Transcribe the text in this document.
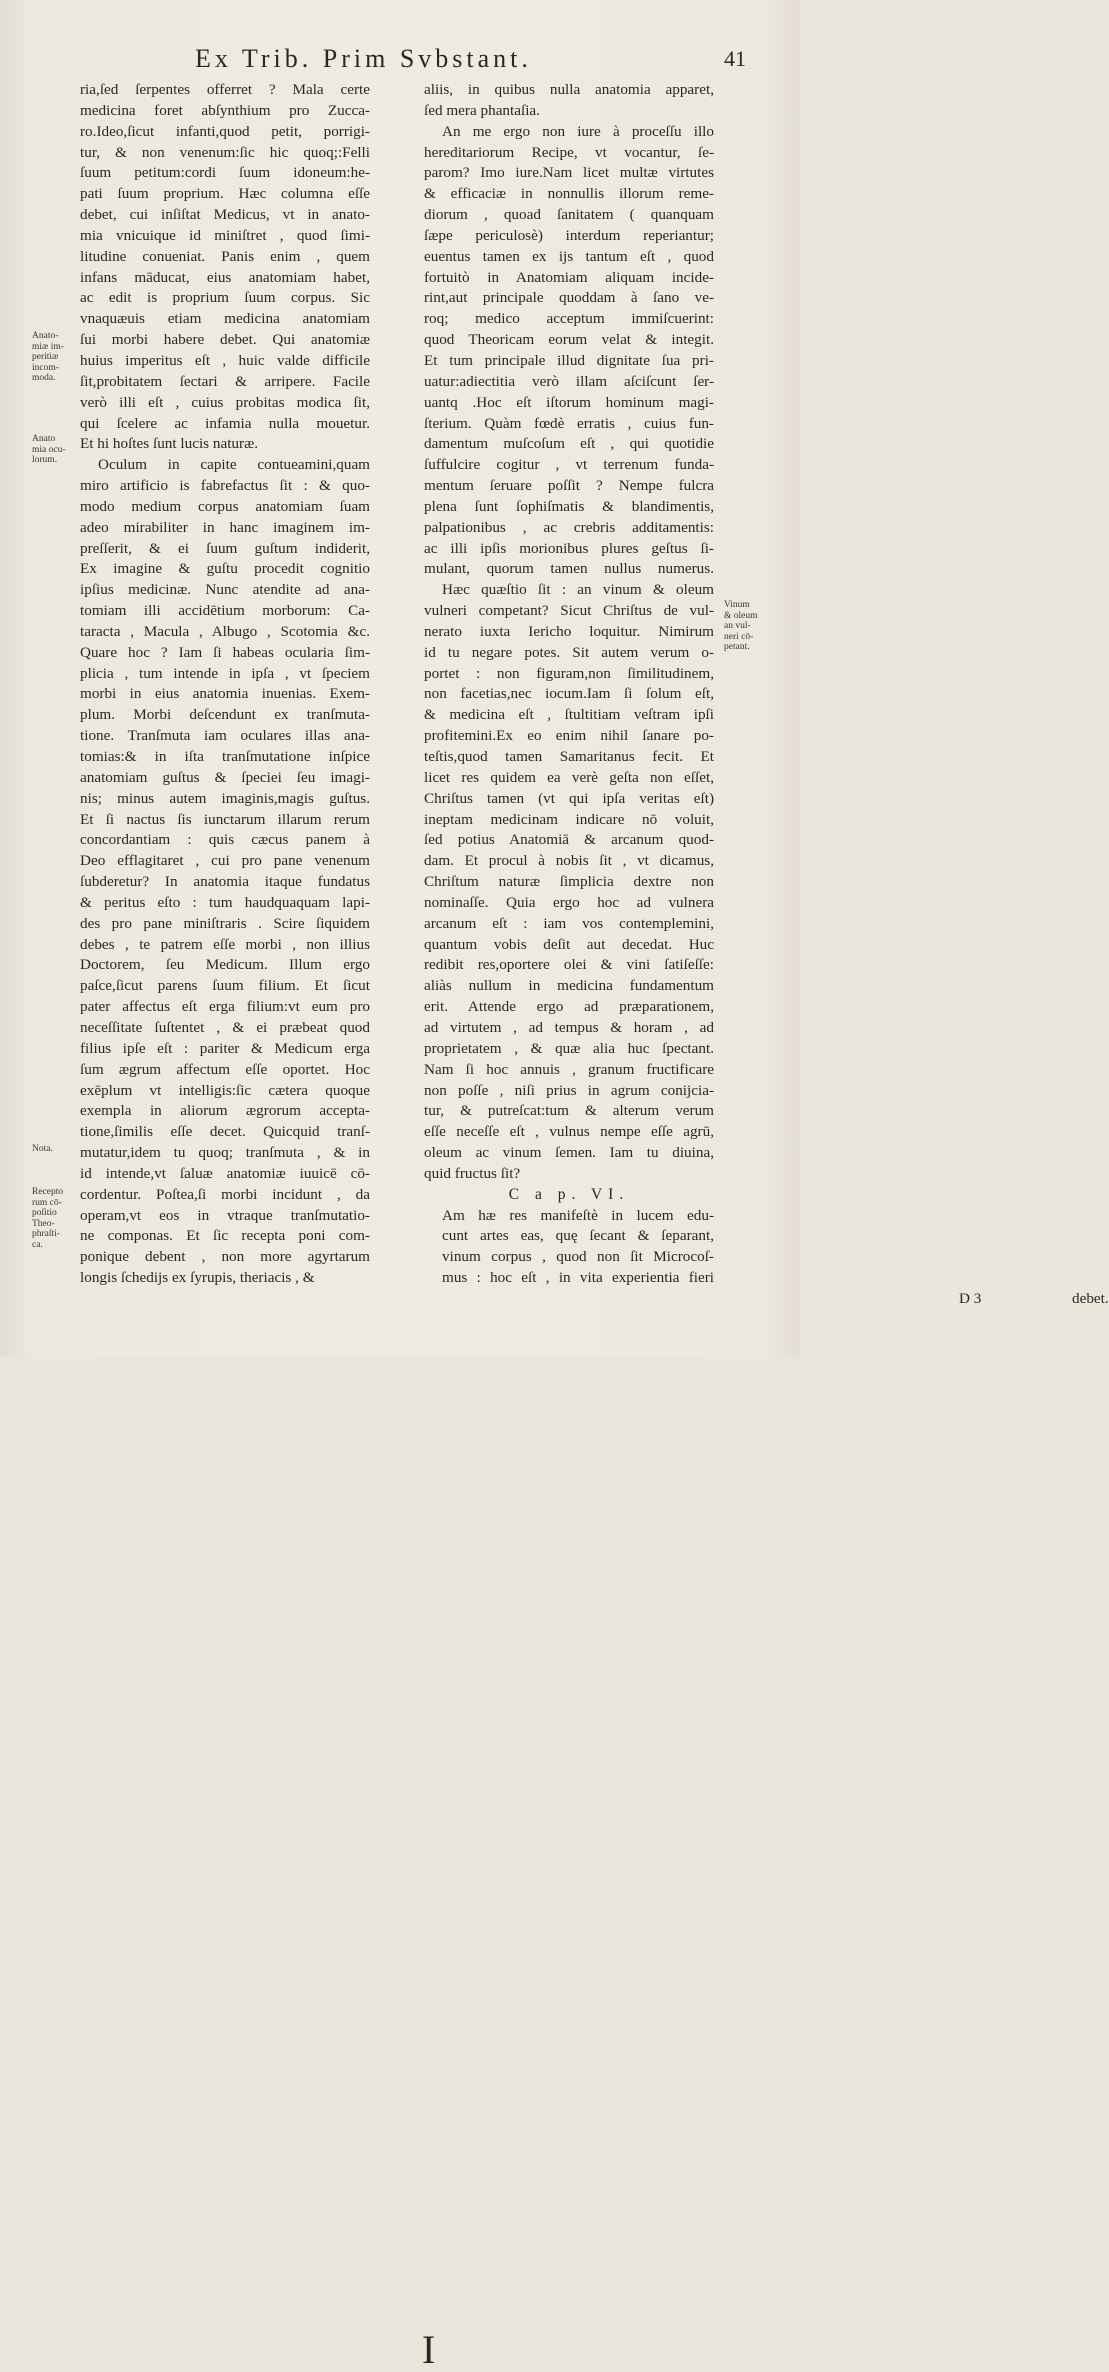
Ex Trib. Prim Svbstant.	41
ria,ſed ſerpentes offerret ? Mala certe
medicina foret abſynthium pro Zucca-
ro.Ideo,ſicut infanti,quod petit, porrigi-
tur, & non venenum:ſic hic quoq;:Felli
ſuum petitum:cordi ſuum idoneum:he-
pati ſuum proprium. Hæc columna eſſe
debet, cui inſiſtat Medicus, vt in anato-
mia vnicuique id miniſtret , quod ſimi-
litudine conueniat. Panis enim , quem
infans māducat, eius anatomiam habet,
ac edit is proprium ſuum corpus. Sic
vnaquæuis etiam medicina anatomiam
ſui morbi habere debet. Qui anatomiæ
huius imperitus eſt , huic valde difficile
ſit,probitatem ſectari & arripere. Facile
verò illi eſt , cuius probitas modica ſit,
qui ſcelere ac infamia nulla mouetur.
Et hi hoſtes ſunt lucis naturæ.
Oculum in capite contueamini,quam
miro artificio is fabrefactus ſit : & quo-
modo medium corpus anatomiam ſuam
adeo mirabiliter in hanc imaginem im-
preſſerit, & ei ſuum guſtum indiderit,
Ex imagine & guſtu procedit cognitio
ipſius medicinæ. Nunc atendite ad ana-
tomiam illi accidētium morborum: Ca-
taracta , Macula , Albugo , Scotomia &c.
Quare hoc ? Iam ſi habeas ocularia ſim-
plicia , tum intende in ipſa , vt ſpeciem
morbi in eius anatomia inuenias. Exem-
plum. Morbi deſcendunt ex tranſmuta-
tione. Tranſmuta iam oculares illas ana-
tomias:& in iſta tranſmutatione inſpice
anatomiam guſtus & ſpeciei ſeu imagi-
nis; minus autem imaginis,magis guſtus.
Et ſi nactus ſis iunctarum illarum rerum
concordantiam : quis cæcus panem à
Deo efflagitaret , cui pro pane venenum
ſubderetur? In anatomia itaque fundatus
& peritus eſto : tum haudquaquam lapi-
des pro pane miniſtraris . Scire ſiquidem
debes , te patrem eſſe morbi , non illius
Doctorem, ſeu Medicum. Illum ergo
paſce,ſicut parens ſuum filium. Et ſicut
pater affectus eſt erga filium:vt eum pro
neceſſitate ſuſtentet , & ei præbeat quod
filius ipſe eſt : pariter & Medicum erga
ſum ægrum affectum eſſe oportet. Hoc
exēplum vt intelligis:ſic cætera quoque
exempla in aliorum ægrorum accepta-
tione,ſimilis eſſe decet. Quicquid tranſ-
mutatur,idem tu quoq; tranſmuta , & in
id intende,vt ſaluæ anatomiæ iuuicē cō-
cordentur. Poſtea,ſi morbi incidunt , da
operam,vt eos in vtraque tranſmutatio-
ne componas. Et ſic recepta poni com-
ponique debent , non more agyrtarum
longis ſchedijs ex ſyrupis, theriacis , &
aliis, in quibus nulla anatomia apparet,
ſed mera phantaſia.
An me ergo non iure à proceſſu illo
hereditariorum Recipe, vt vocantur, ſe-
parom? Imo iure.Nam licet multæ virtutes
& efficaciæ in nonnullis illorum reme-
diorum , quoad ſanitatem ( quanquam
ſæpe periculosè) interdum reperiantur;
euentus tamen ex ijs tantum eſt , quod
fortuitò in Anatomiam aliquam incide-
rint,aut principale quoddam à ſano ve-
roq; medico acceptum immiſcuerint:
quod Theoricam eorum velat & integit.
Et tum principale illud dignitate ſua pri-
uatur:adiectitia verò illam aſciſcunt ſer-
uantq .Hoc eſt iſtorum hominum magi-
ſterium. Quàm fœdè erratis , cuius fun-
damentum muſcoſum eſt , qui quotidie
ſuffulcire cogitur , vt terrenum funda-
mentum ſeruare poſſit ? Nempe fulcra
plena ſunt ſophiſmatis & blandimentis,
palpationibus , ac crebris additamentis:
ac illi ipſis morionibus plures geſtus ſi-
mulant, quorum tamen nullus numerus.
Hæc quæſtio ſit : an vinum & oleum
vulneri competant? Sicut Chriſtus de vul-
nerato iuxta Iericho loquitur. Nimirum
id tu negare potes. Sit autem verum o-
portet : non figuram,non ſimilitudinem,
non facetias,nec iocum.Iam ſi ſolum eſt,
& medicina eſt , ſtultitiam veſtram ipſi
profitemini.Ex eo enim nihil ſanare po-
teſtis,quod tamen Samaritanus fecit. Et
licet res quidem ea verè geſta non eſſet,
Chriſtus tamen (vt qui ipſa veritas eſt)
ineptam medicinam indicare nō voluit,
ſed potius Anatomiā & arcanum quod-
dam. Et procul à nobis ſit , vt dicamus,
Chriſtum naturæ ſimplicia dextre non
nominaſſe. Quia ergo hoc ad vulnera
arcanum eſt : iam vos contemplemini,
quantum vobis deſit aut decedat. Huc
redibit res,oportere olei & vini ſatiſeſſe:
aliàs nullum in medicina fundamentum
erit. Attende ergo ad præparationem,
ad virtutem , ad tempus & horam , ad
proprietatem , & quæ alia huc ſpectant.
Nam ſi hoc annuis , granum fructificare
non poſſe , niſi prius in agrum conijcia-
tur, & putreſcat:tum & alterum verum
eſſe neceſſe eſt , vulnus nempe eſſe agrū,
oleum ac vinum ſemen. Iam tu diuina,
quid fructus ſit?
C a p. VI.
I
Am hæ res manifeſtè in lucem edu-
cunt artes eas, quę ſecant & ſeparant,
vinum corpus , quod non ſit Microcoſ-
mus : hoc eſt , in vita experientia fieri
D 3	debet.

Anato-
miæ im-
peritiæ
incom-
moda.
Anato
mia ocu-
lorum.
Nota.
Recepto
rum cō-
poſitio
Theo-
phraſti-
ca.
Vinum
& oleum
an vul-
neri cō-
petant.
